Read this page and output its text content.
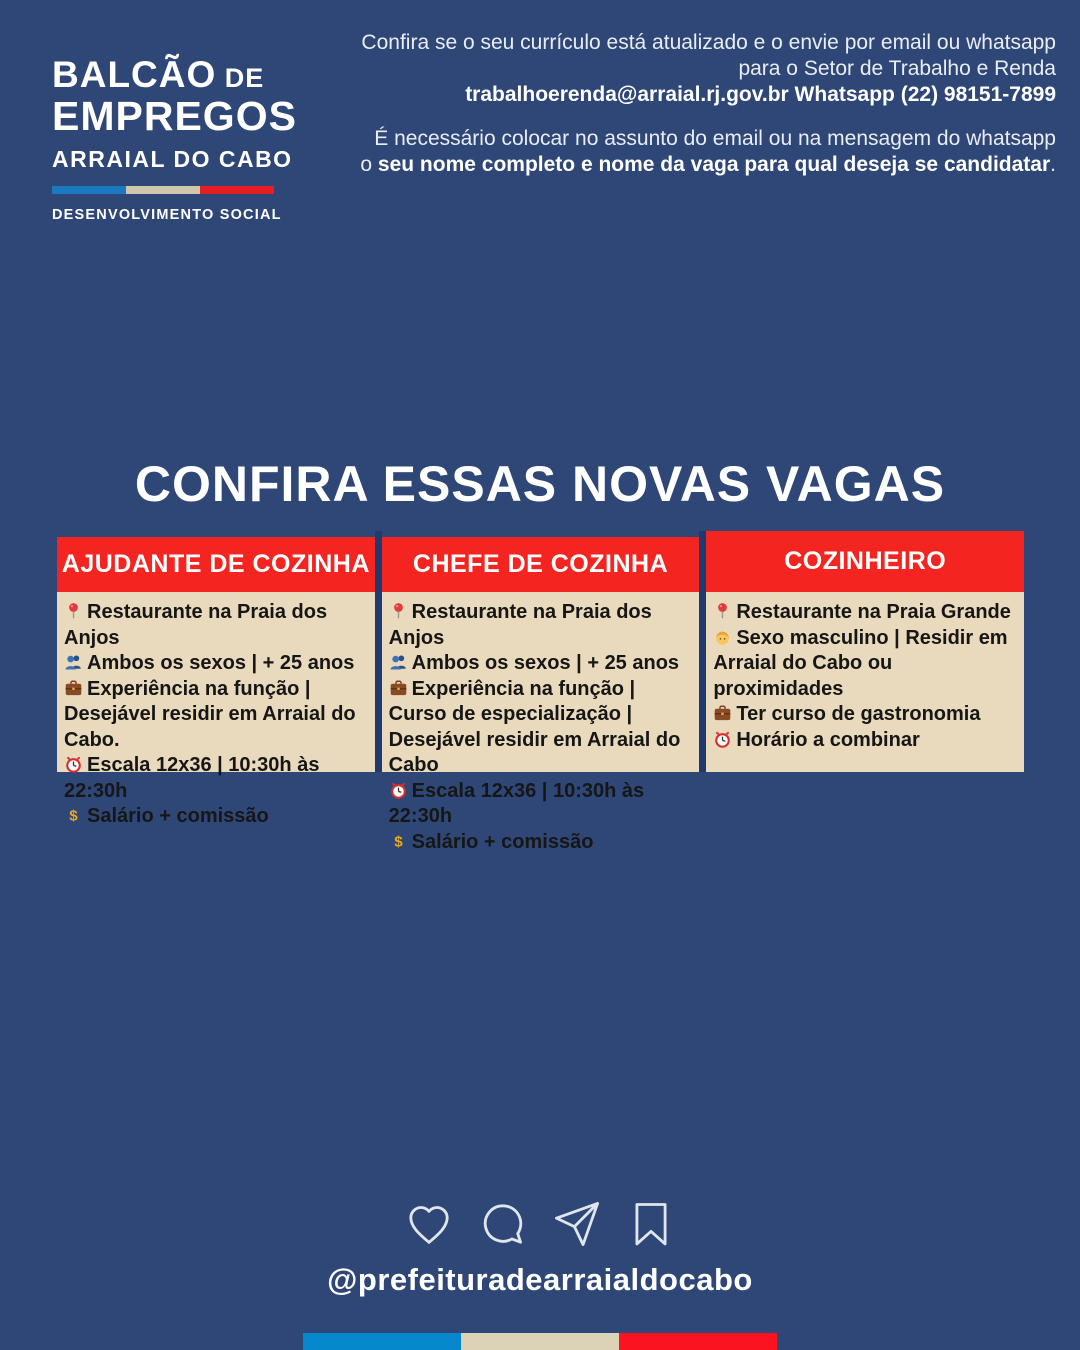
BALCÃO DE
EMPREGOS
ARRAIAL DO CABO
DESENVOLVIMENTO SOCIAL
Confira se o seu currículo está atualizado e o envie por email ou whatsapp
para o Setor de Trabalho e Renda
trabalhoerenda@arraial.rj.gov.br Whatsapp (22) 98151-7899
É necessário colocar no assunto do email ou na mensagem do whatsapp
o seu nome completo e nome da vaga para qual deseja se candidatar.
CONFIRA ESSAS NOVAS VAGAS
AJUDANTE DE COZINHA
Restaurante na Praia dos Anjos
Ambos os sexos | + 25 anos
Experiência na função | Desejável residir em Arraial do Cabo.
Escala 12x36 | 10:30h às 22:30h
$ Salário + comissão
CHEFE DE COZINHA
Restaurante na Praia dos Anjos
Ambos os sexos | + 25 anos
Experiência na função | Curso de especialização | Desejável residir em Arraial do Cabo
Escala 12x36 | 10:30h às 22:30h
$ Salário + comissão
COZINHEIRO
Restaurante na Praia Grande
Sexo masculino | Residir em Arraial do Cabo ou proximidades
Ter curso de gastronomia
Horário a combinar
@prefeituradearraialdocabo
